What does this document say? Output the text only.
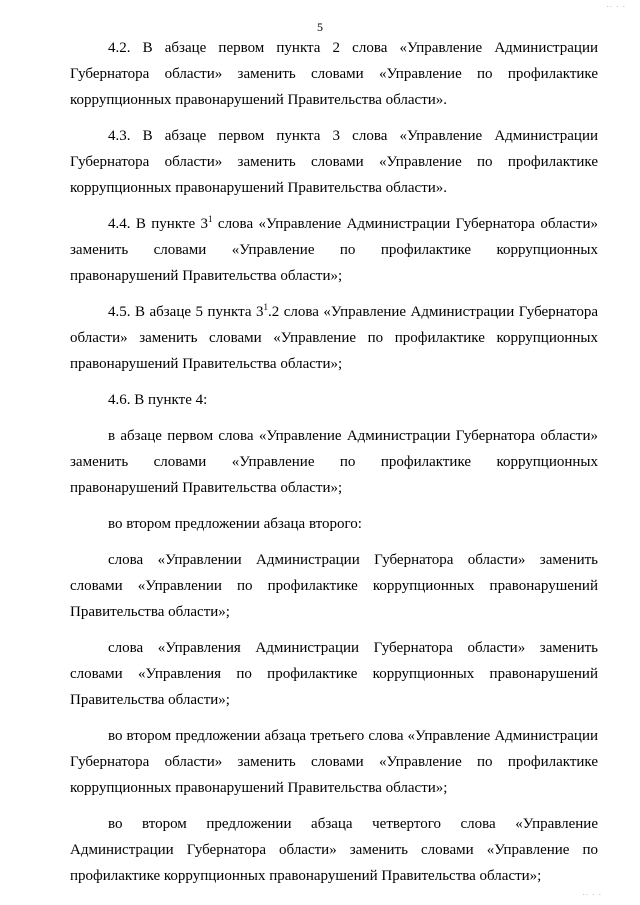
.. . .
5

4.2. В абзаце первом пункта 2 слова «Управление Администрации Губернатора области» заменить словами «Управление по профилактике коррупционных правонарушений Правительства области».

4.3. В абзаце первом пункта 3 слова «Управление Администрации Губернатора области» заменить словами «Управление по профилактике коррупционных правонарушений Правительства области».

4.4. В пункте $3^1$ слова «Управление Администрации Губернатора области» заменить словами «Управление по профилактике коррупционных правонарушений Правительства области»;

4.5. В абзаце 5 пункта $3^1.2$ слова «Управление Администрации Губернатора области» заменить словами «Управление по профилактике коррупционных правонарушений Правительства области»;

4.6. В пункте 4:

в абзаце первом слова «Управление Администрации Губернатора области» заменить словами «Управление по профилактике коррупционных правонарушений Правительства области»;

во втором предложении абзаца второго:

слова «Управлении Администрации Губернатора области» заменить словами «Управлении по профилактике коррупционных правонарушений Правительства области»;

слова «Управления Администрации Губернатора области» заменить словами «Управления по профилактике коррупционных правонарушений Правительства области»;

во втором предложении абзаца третьего слова «Управление Администрации Губернатора области» заменить словами «Управление по профилактике коррупционных правонарушений Правительства области»;

во втором предложении абзаца четвертого слова «Управление Администрации Губернатора области» заменить словами «Управление по профилактике коррупционных правонарушений Правительства области»;

.. . .
